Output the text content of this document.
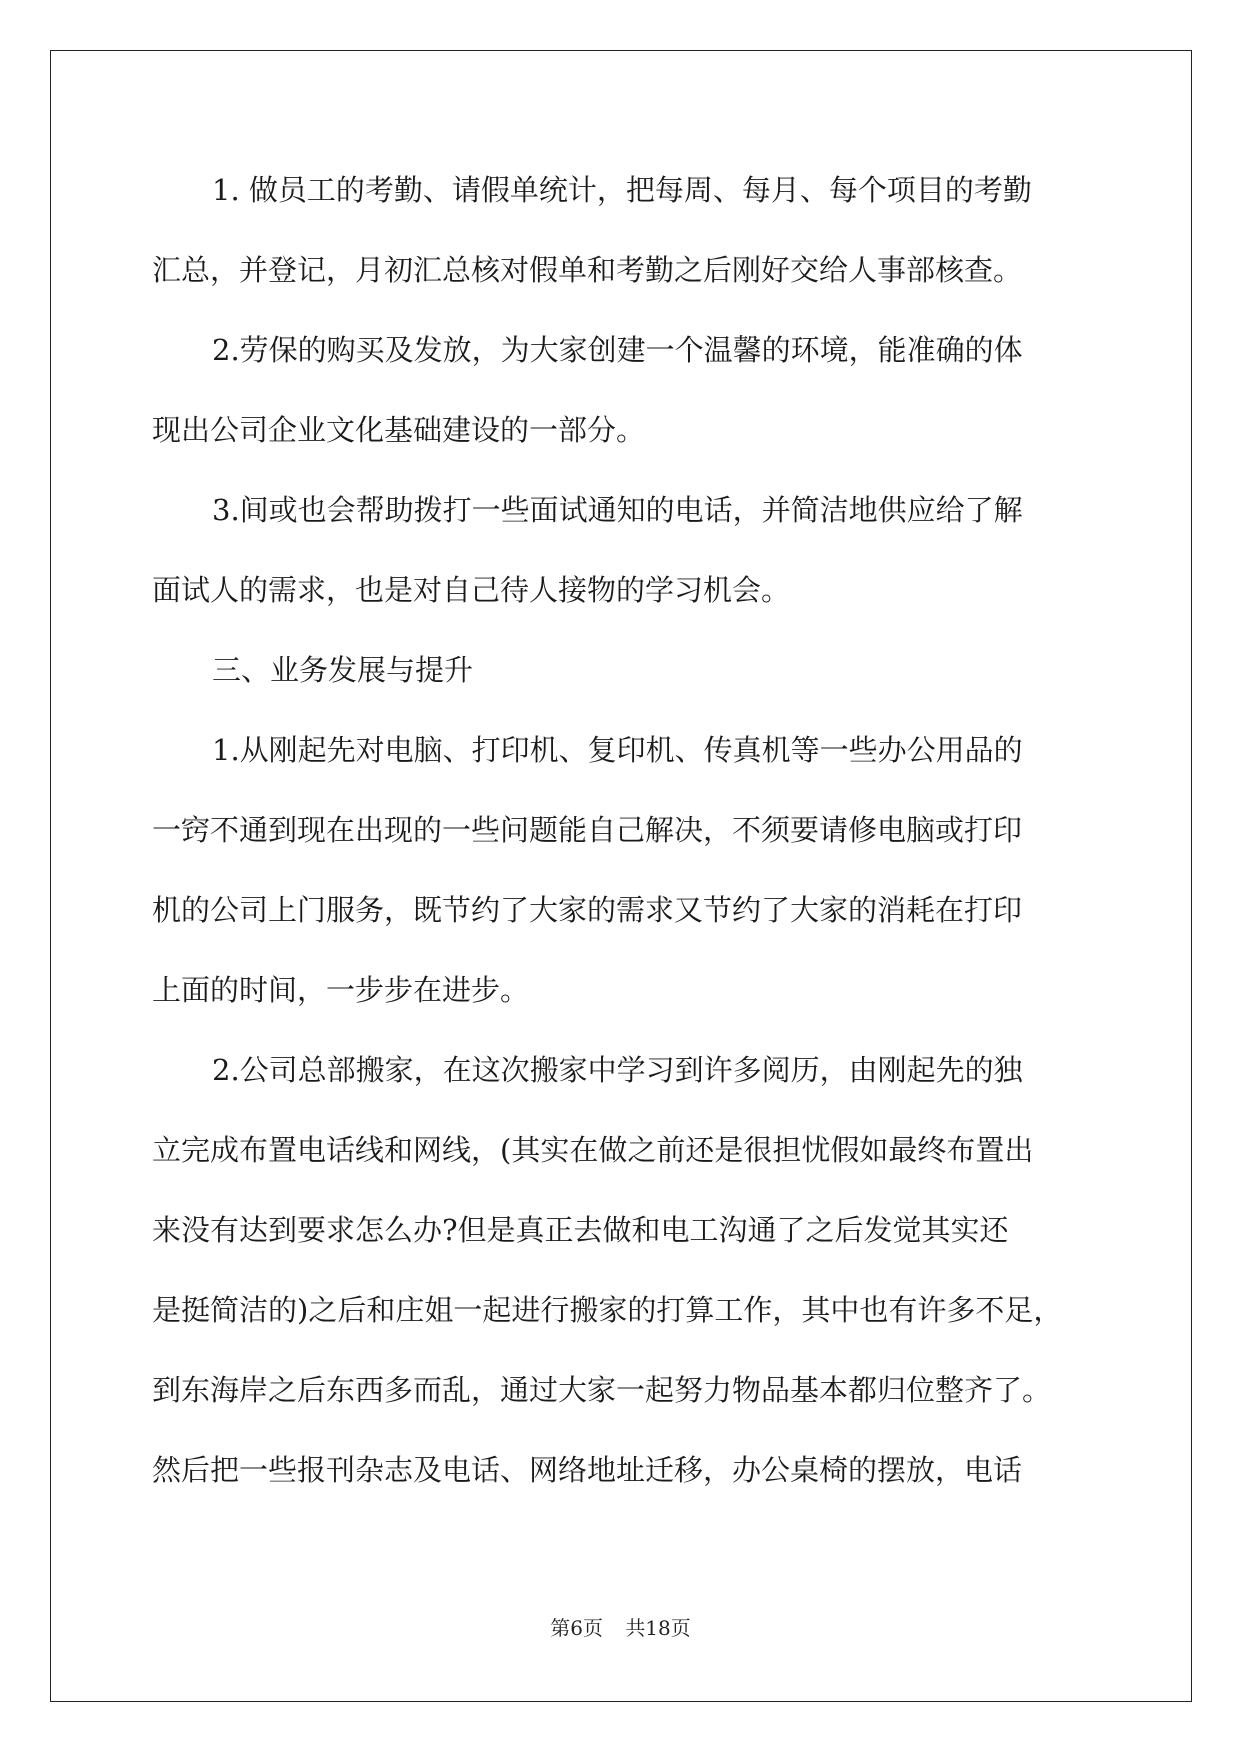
1. 做员工的考勤、请假单统计，把每周、每月、每个项目的考勤
汇总，并登记，月初汇总核对假单和考勤之后刚好交给人事部核查。
2.劳保的购买及发放，为大家创建一个温馨的环境，能准确的体
现出公司企业文化基础建设的一部分。
3.间或也会帮助拨打一些面试通知的电话，并简洁地供应给了解
面试人的需求，也是对自己待人接物的学习机会。
三、业务发展与提升
1.从刚起先对电脑、打印机、复印机、传真机等一些办公用品的
一窍不通到现在出现的一些问题能自己解决，不须要请修电脑或打印
机的公司上门服务，既节约了大家的需求又节约了大家的消耗在打印
上面的时间，一步步在进步。
2.公司总部搬家，在这次搬家中学习到许多阅历，由刚起先的独
立完成布置电话线和网线，(其实在做之前还是很担忧假如最终布置出
来没有达到要求怎么办?但是真正去做和电工沟通了之后发觉其实还
是挺简洁的)之后和庄姐一起进行搬家的打算工作，其中也有许多不足，
到东海岸之后东西多而乱，通过大家一起努力物品基本都归位整齐了。
然后把一些报刊杂志及电话、网络地址迁移，办公桌椅的摆放，电话
第6页 共18页
